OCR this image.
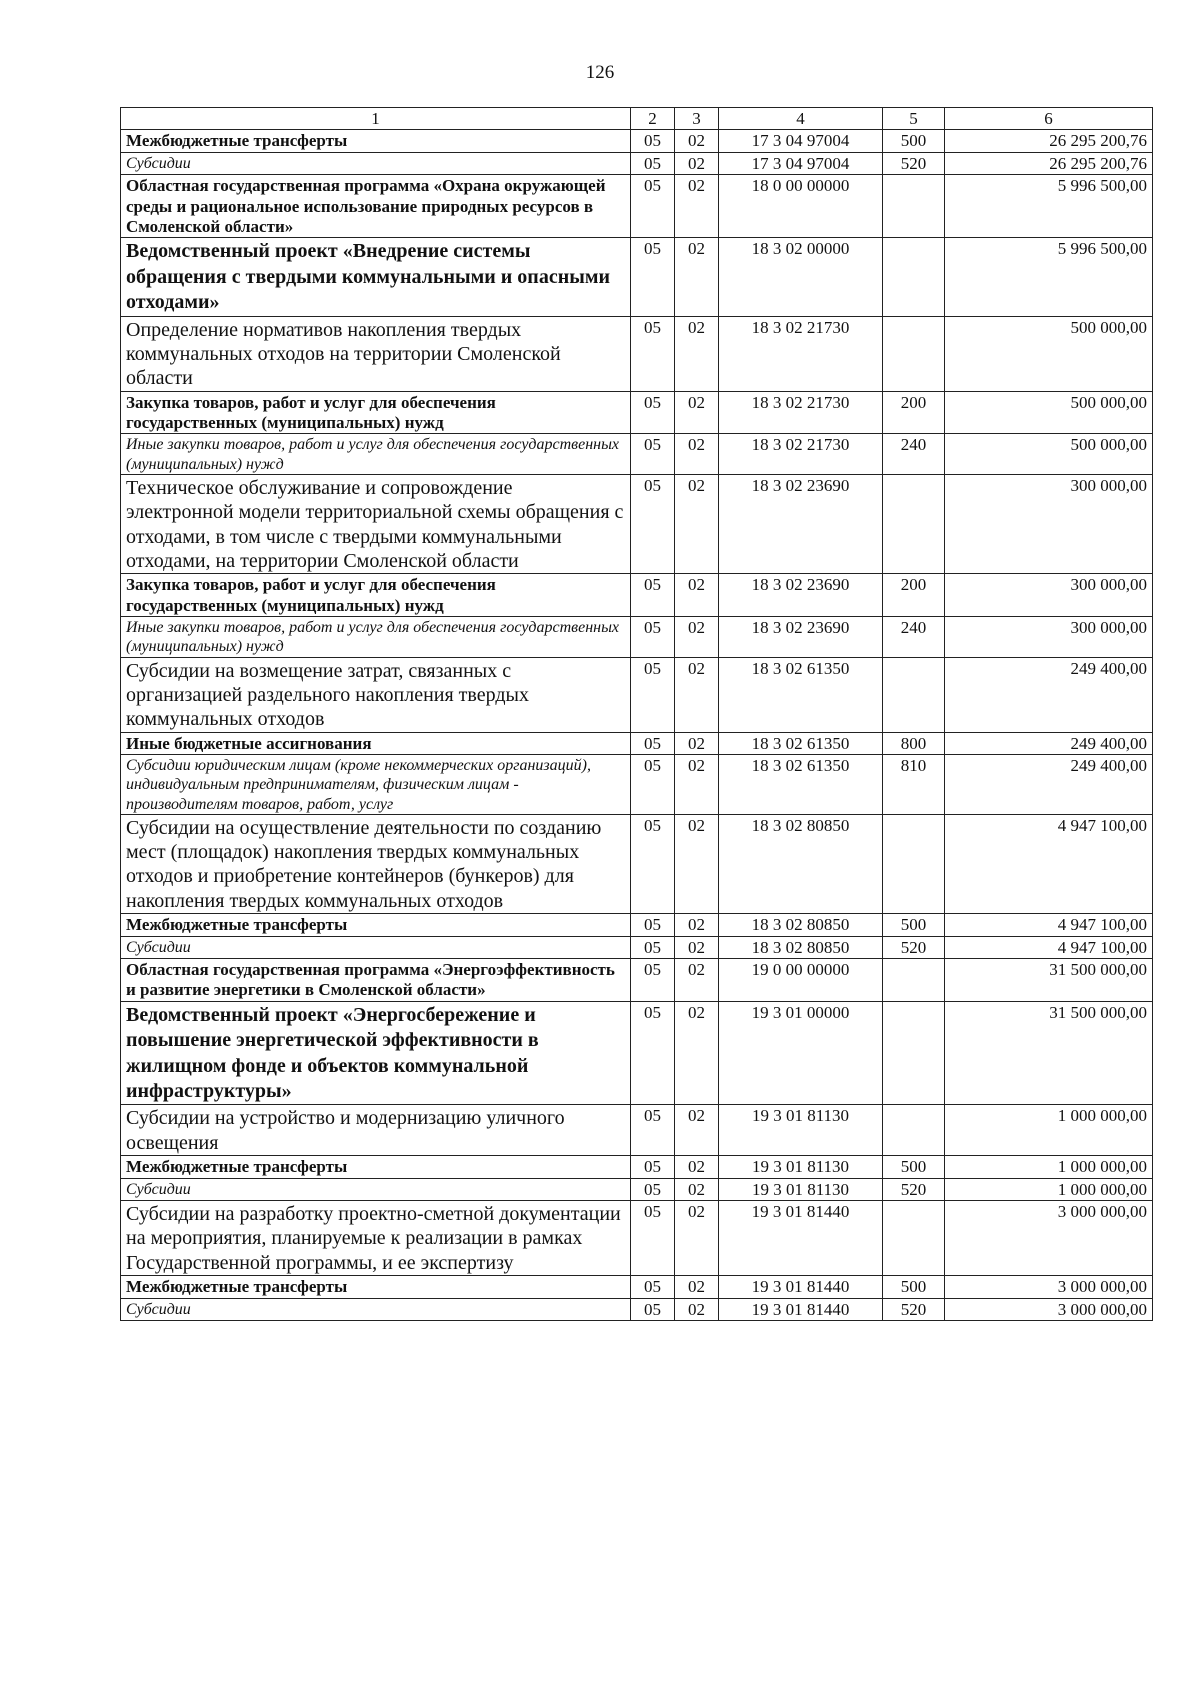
126
1	2	3	4	5	6
Межбюджетные трансферты	05	02	17 3 04 97004	500	26 295 200,76
Субсидии	05	02	17 3 04 97004	520	26 295 200,76
Областная государственная программа «Охрана окружающей среды и рациональное использование природных ресурсов в Смоленской области»	05	02	18 0 00 00000		5 996 500,00
Ведомственный проект «Внедрение системы обращения с твердыми коммунальными и опасными отходами»	05	02	18 3 02 00000		5 996 500,00
Определение нормативов накопления твердых коммунальных отходов на территории Смоленской области	05	02	18 3 02 21730		500 000,00
Закупка товаров, работ и услуг для обеспечения государственных (муниципальных) нужд	05	02	18 3 02 21730	200	500 000,00
Иные закупки товаров, работ и услуг для обеспечения государственных (муниципальных) нужд	05	02	18 3 02 21730	240	500 000,00
Техническое обслуживание и сопровождение электронной модели территориальной схемы обращения с отходами, в том числе с твердыми коммунальными отходами, на территории Смоленской области	05	02	18 3 02 23690		300 000,00
Закупка товаров, работ и услуг для обеспечения государственных (муниципальных) нужд	05	02	18 3 02 23690	200	300 000,00
Иные закупки товаров, работ и услуг для обеспечения государственных (муниципальных) нужд	05	02	18 3 02 23690	240	300 000,00
Субсидии на возмещение затрат, связанных с организацией раздельного накопления твердых коммунальных отходов	05	02	18 3 02 61350		249 400,00
Иные бюджетные ассигнования	05	02	18 3 02 61350	800	249 400,00
Субсидии юридическим лицам (кроме некоммерческих организаций), индивидуальным предпринимателям, физическим лицам - производителям товаров, работ, услуг	05	02	18 3 02 61350	810	249 400,00
Субсидии на осуществление деятельности по созданию мест (площадок) накопления твердых коммунальных отходов и приобретение контейнеров (бункеров) для накопления твердых коммунальных отходов	05	02	18 3 02 80850		4 947 100,00
Межбюджетные трансферты	05	02	18 3 02 80850	500	4 947 100,00
Субсидии	05	02	18 3 02 80850	520	4 947 100,00
Областная государственная программа «Энергоэффективность и развитие энергетики в Смоленской области»	05	02	19 0 00 00000		31 500 000,00
Ведомственный проект «Энергосбережение и повышение энергетической эффективности в жилищном фонде и объектов коммунальной инфраструктуры»	05	02	19 3 01 00000		31 500 000,00
Субсидии на устройство и модернизацию уличного освещения	05	02	19 3 01 81130		1 000 000,00
Межбюджетные трансферты	05	02	19 3 01 81130	500	1 000 000,00
Субсидии	05	02	19 3 01 81130	520	1 000 000,00
Субсидии на разработку проектно-сметной документации на мероприятия, планируемые к реализации в рамках Государственной программы, и ее экспертизу	05	02	19 3 01 81440		3 000 000,00
Межбюджетные трансферты	05	02	19 3 01 81440	500	3 000 000,00
Субсидии	05	02	19 3 01 81440	520	3 000 000,00
